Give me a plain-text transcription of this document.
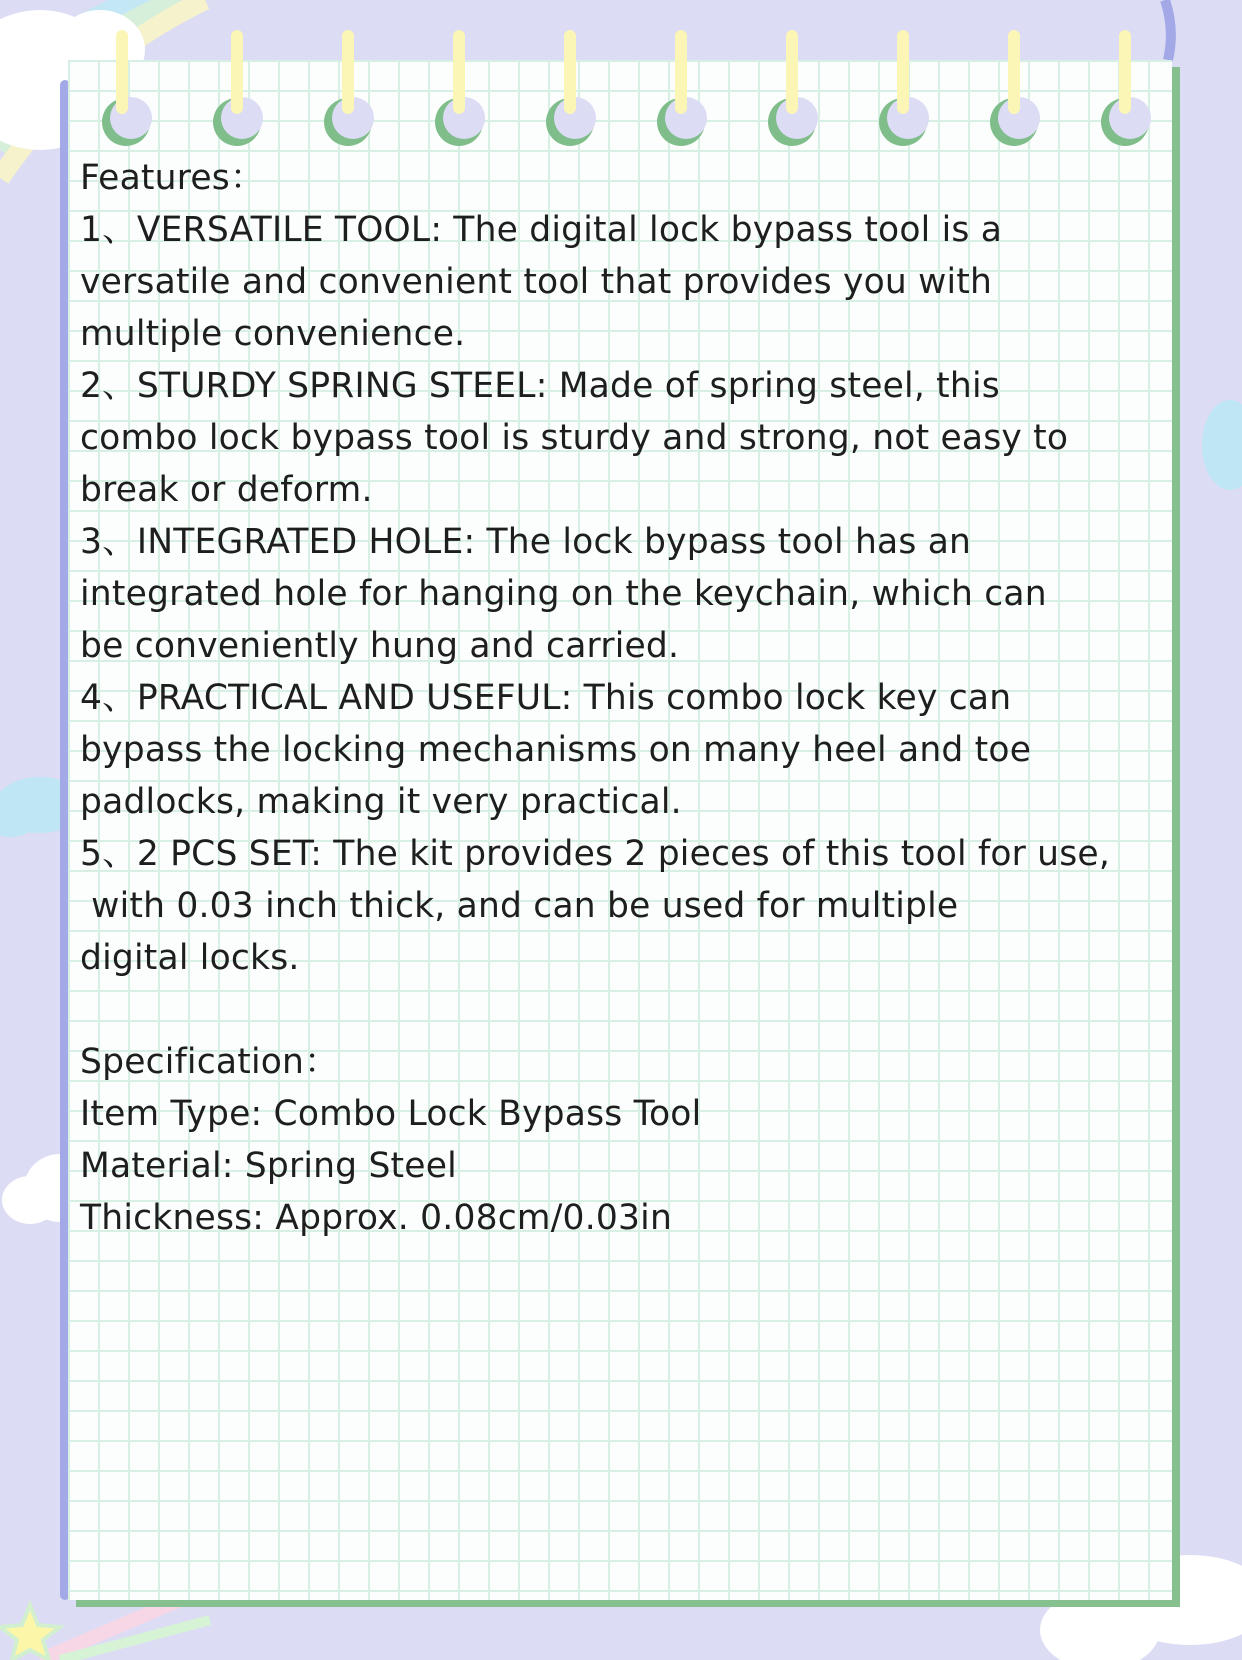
Features：
1、VERSATILE TOOL: The digital lock bypass tool is a
versatile and convenient tool that provides you with
multiple convenience.
2、STURDY SPRING STEEL: Made of spring steel, this
combo lock bypass tool is sturdy and strong, not easy to
break or deform.
3、INTEGRATED HOLE: The lock bypass tool has an
integrated hole for hanging on the keychain, which can
be conveniently hung and carried.
4、PRACTICAL AND USEFUL: This combo lock key can
bypass the locking mechanisms on many heel and toe
padlocks, making it very practical.
5、2 PCS SET: The kit provides 2 pieces of this tool for use,
with 0.03 inch thick, and can be used for multiple
digital locks.

Specification：
Item Type: Combo Lock Bypass Tool
Material: Spring Steel
Thickness: Approx. 0.08cm/0.03in
